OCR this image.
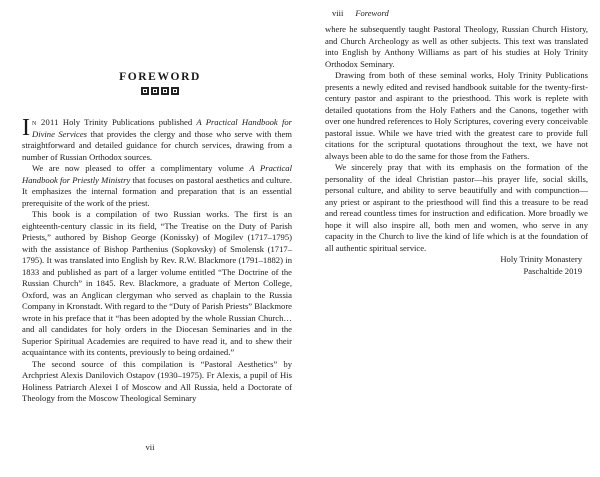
FOREWORD

In 2011 Holy Trinity Publications published A Practical Handbook for Divine Services that provides the clergy and those who serve with them straightforward and detailed guidance for church services, drawing from a number of Russian Orthodox sources.

We are now pleased to offer a complimentary volume A Practical Handbook for Priestly Ministry that focuses on pastoral aesthetics and culture. It emphasizes the internal formation and preparation that is an essential prerequisite of the work of the priest.

This book is a compilation of two Russian works. The first is an eighteenth-century classic in its field, “The Treatise on the Duty of Parish Priests,” authored by Bishop George (Konissky) of Mogilev (1717–1795) with the assistance of Bishop Parthenius (Sopkovsky) of Smolensk (1717–1795). It was translated into English by Rev. R.W. Blackmore (1791–1882) in 1833 and published as part of a larger volume entitled “The Doctrine of the Russian Church” in 1845. Rev. Blackmore, a graduate of Merton College, Oxford, was an Anglican clergyman who served as chaplain to the Russia Company in Kronstadt. With regard to the “Duty of Parish Priests” Blackmore wrote in his preface that it “has been adopted by the whole Russian Church…and all candidates for holy orders in the Diocesan Seminaries and in the Superior Spiritual Academies are required to have read it, and to shew their acquaintance with its contents, previously to being ordained.”

The second source of this compilation is “Pastoral Aesthetics” by Archpriest Alexis Danilovich Ostapov (1930–1975). Fr Alexis, a pupil of His Holiness Patriarch Alexei I of Moscow and All Russia, held a Doctorate of Theology from the Moscow Theological Seminary

vii
viii Foreword

where he subsequently taught Pastoral Theology, Russian Church History, and Church Archeology as well as other subjects. This text was translated into English by Anthony Williams as part of his studies at Holy Trinity Orthodox Seminary.

Drawing from both of these seminal works, Holy Trinity Publications presents a newly edited and revised handbook suitable for the twenty-first-century pastor and aspirant to the priesthood. This work is replete with detailed quotations from the Holy Fathers and the Canons, together with over one hundred references to Holy Scriptures, covering every conceivable pastoral issue. While we have tried with the greatest care to provide full citations for the scriptural quotations throughout the text, we have not always been able to do the same for those from the Fathers.

We sincerely pray that with its emphasis on the formation of the personality of the ideal Christian pastor—his prayer life, social skills, personal culture, and ability to serve beautifully and with compunction—any priest or aspirant to the priesthood will find this a treasure to be read and reread countless times for instruction and edification. More broadly we hope it will also inspire all, both men and women, who serve in any capacity in the Church to live the kind of life which is at the foundation of all authentic spiritual service.

Holy Trinity Monastery
Paschaltide 2019
